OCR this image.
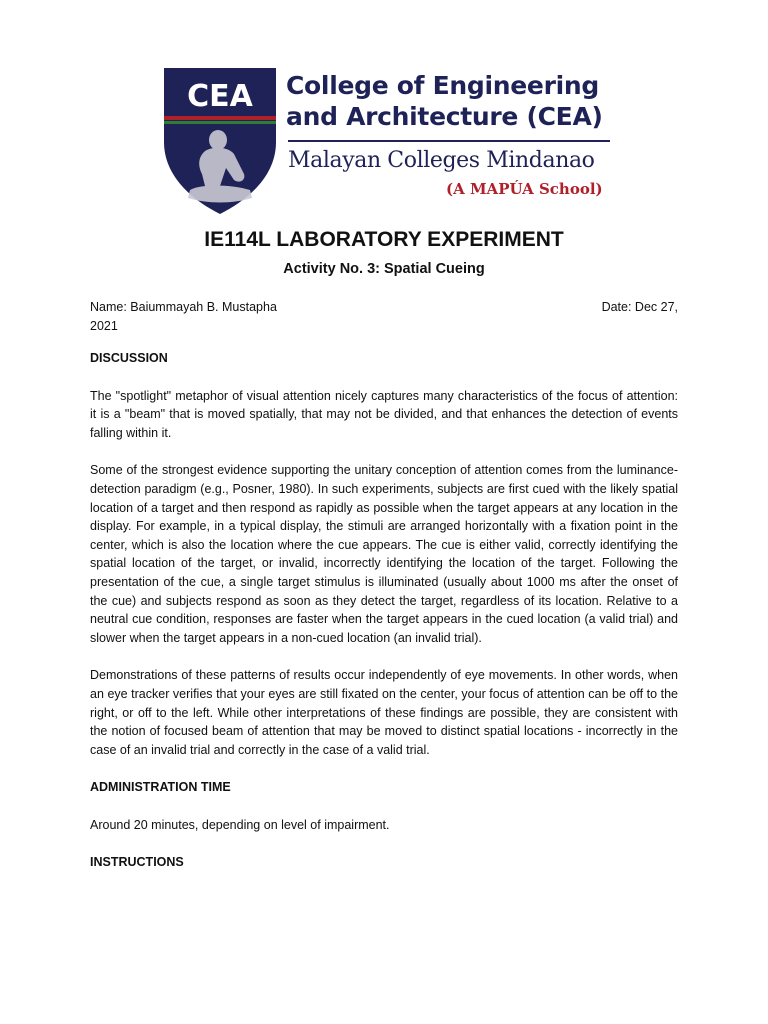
CEA College of Engineering
and Architecture (CEA)
Malayan Colleges Mindanao
(A MAPÚA School)
IE114L LABORATORY EXPERIMENT
Activity No. 3: Spatial Cueing
Name: Baiummayah B. Mustapha	Date: Dec 27,
2021
DISCUSSION

The "spotlight" metaphor of visual attention nicely captures many characteristics of the focus of attention: it is a "beam" that is moved spatially, that may not be divided, and that enhances the detection of events falling within it.

Some of the strongest evidence supporting the unitary conception of attention comes from the luminance-detection paradigm (e.g., Posner, 1980). In such experiments, subjects are first cued with the likely spatial location of a target and then respond as rapidly as possible when the target appears at any location in the display. For example, in a typical display, the stimuli are arranged horizontally with a fixation point in the center, which is also the location where the cue appears. The cue is either valid, correctly identifying the spatial location of the target, or invalid, incorrectly identifying the location of the target. Following the presentation of the cue, a single target stimulus is illuminated (usually about 1000 ms after the onset of the cue) and subjects respond as soon as they detect the target, regardless of its location. Relative to a neutral cue condition, responses are faster when the target appears in the cued location (a valid trial) and slower when the target appears in a non-cued location (an invalid trial).

Demonstrations of these patterns of results occur independently of eye movements. In other words, when an eye tracker verifies that your eyes are still fixated on the center, your focus of attention can be off to the right, or off to the left. While other interpretations of these findings are possible, they are consistent with the notion of focused beam of attention that may be moved to distinct spatial locations - incorrectly in the case of an invalid trial and correctly in the case of a valid trial.

ADMINISTRATION TIME

Around 20 minutes, depending on level of impairment.

INSTRUCTIONS
